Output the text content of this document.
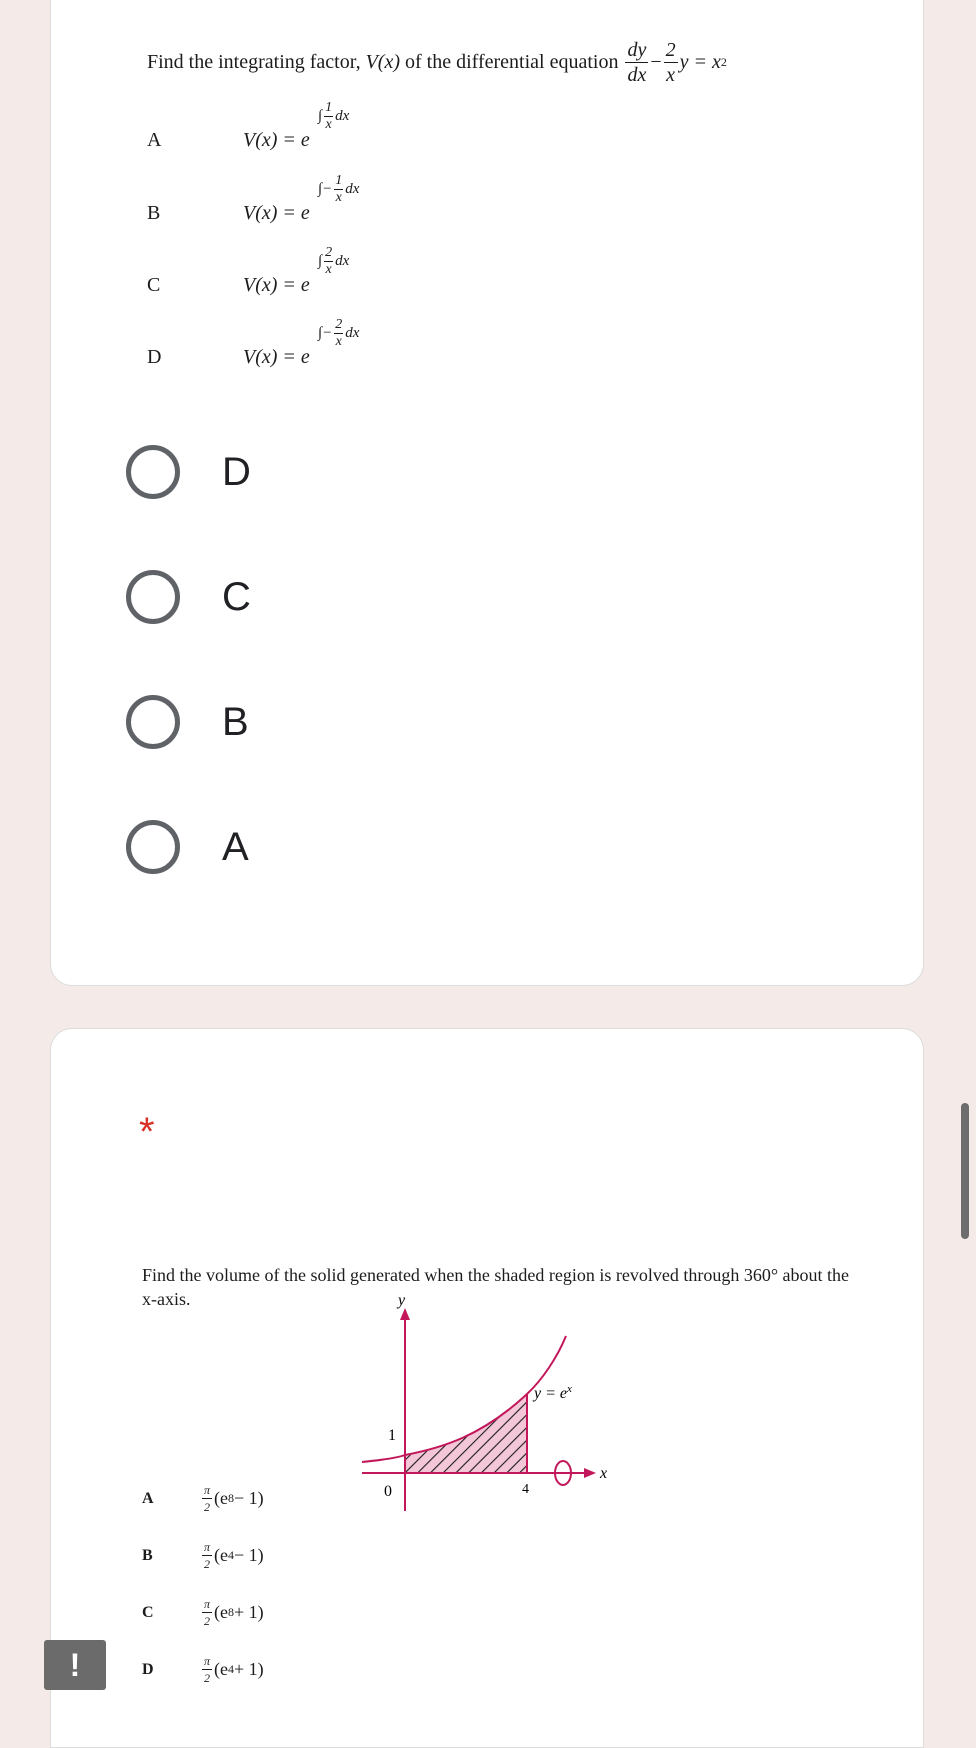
Find the integrating factor,
V(x)
of the differential equation
$\frac{dy}{dx} - \frac{2}{x}$ y = x 2
A	V(x) = e
∫ $\frac{1}{x}$ dx
B	V(x) = e
∫ − $\frac{1}{x}$ dx
C	V(x) = e
∫ $\frac{2}{x}$ dx
D	V(x) = e
∫ − $\frac{2}{x}$ dx
D
C
B
A
*
Find the volume of the solid generated when the shaded region is revolved through 360° about the x-axis.	y
x
$y = e^x$
1
0	4
A	$\frac{\pi}{2} (e$ 8 − 1)
B	$\frac{\pi}{2} (e$ 4 − 1)
C	$\frac{\pi}{2} (e$ 8 + 1)
D	$\frac{\pi}{2} (e$ 4 + 1)
!
